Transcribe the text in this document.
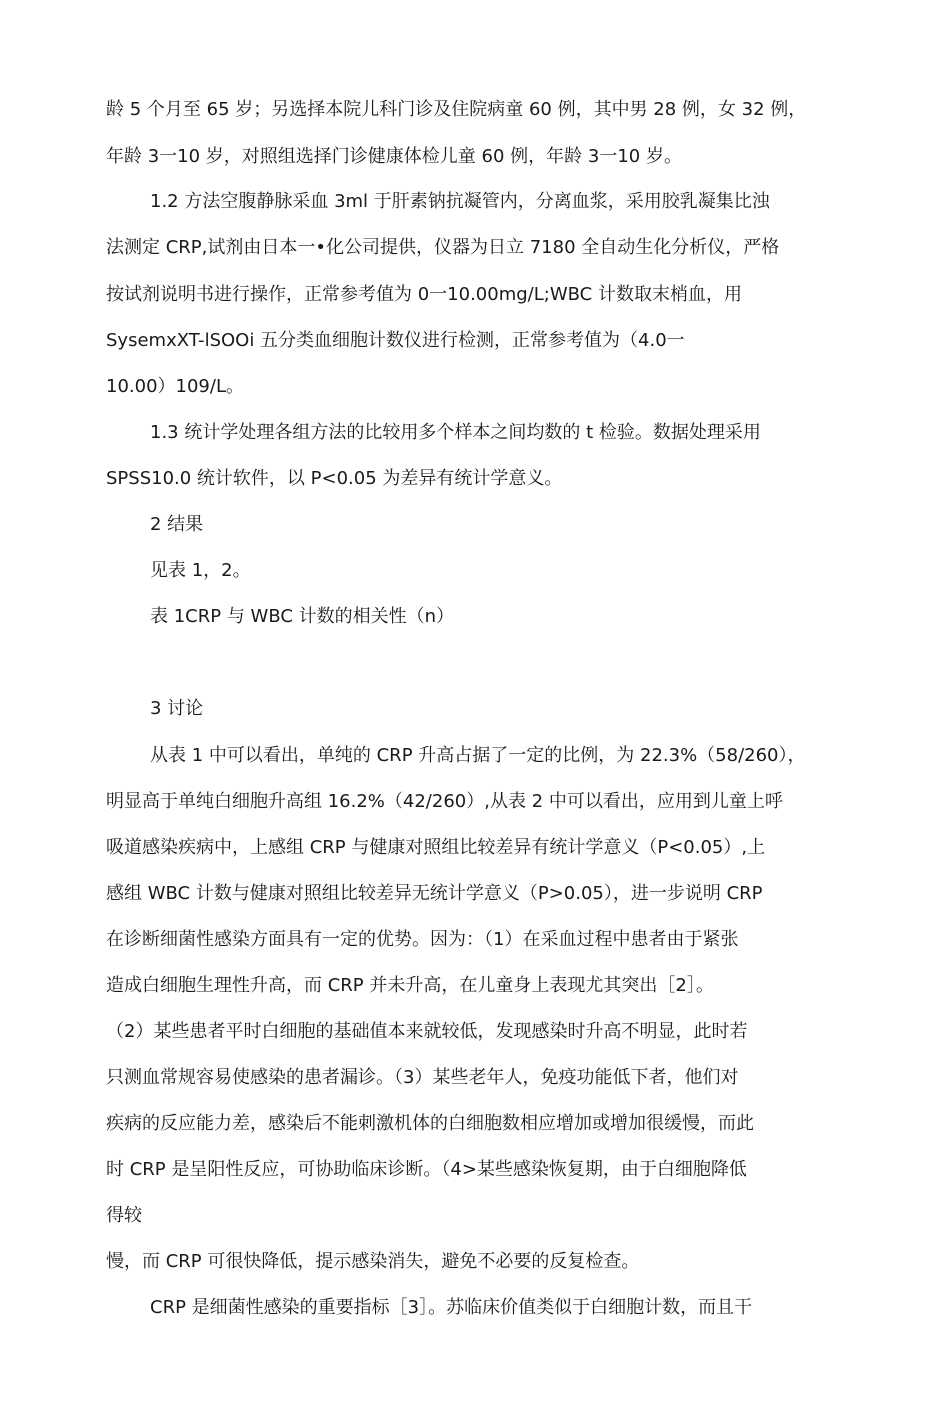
龄 5 个月至 65 岁；另选择本院儿科门诊及住院病童 60 例，其中男 28 例，女 32 例，
年龄 3一10 岁，对照组选择门诊健康体检儿童 60 例，年龄 3一10 岁。
1.2 方法空腹静脉采血 3ml 于肝素钠抗凝管内，分离血浆，采用胶乳凝集比浊
法测定 CRP,试剂由日本一•化公司提供，仪器为日立 7180 全自动生化分析仪，严格
按试剂说明书进行操作，正常参考值为 0一10.00mg/L;WBC 计数取末梢血，用
SysemxXT-lSOOi 五分类血细胞计数仪进行检测，正常参考值为（4.0一
10.00）109/L。
1.3 统计学处理各组方法的比较用多个样本之间均数的 t 检验。数据处理采用
SPSS10.0 统计软件，以 P<0.05 为差异有统计学意义。
2 结果
见表 1，2。
表 1CRP 与 WBC 计数的相关性（n）
3 讨论
从表 1 中可以看出，单纯的 CRP 升高占据了一定的比例，为 22.3%（58/260），
明显高于单纯白细胞升高组 16.2%（42/260）,从表 2 中可以看出，应用到儿童上呼
吸道感染疾病中，上感组 CRP 与健康对照组比较差异有统计学意义（P<0.05）,上
感组 WBC 计数与健康对照组比较差异无统计学意义（P>0.05），进一步说明 CRP
在诊断细菌性感染方面具有一定的优势。因为：（1）在采血过程中患者由于紧张
造成白细胞生理性升高，而 CRP 并未升高，在儿童身上表现尤其突出［2］。
（2）某些患者平时白细胞的基础值本来就较低，发现感染时升高不明显，此时若
只测血常规容易使感染的患者漏诊。（3）某些老年人，免疫功能低下者，他们对
疾病的反应能力差，感染后不能刺激机体的白细胞数相应增加或增加很缓慢，而此
时 CRP 是呈阳性反应，可协助临床诊断。（4>某些感染恢复期，由于白细胞降低
得较
慢，而 CRP 可很快降低，提示感染消失，避免不必要的反复检查。
CRP 是细菌性感染的重要指标［3］。苏临床价值类似于白细胞计数，而且干
